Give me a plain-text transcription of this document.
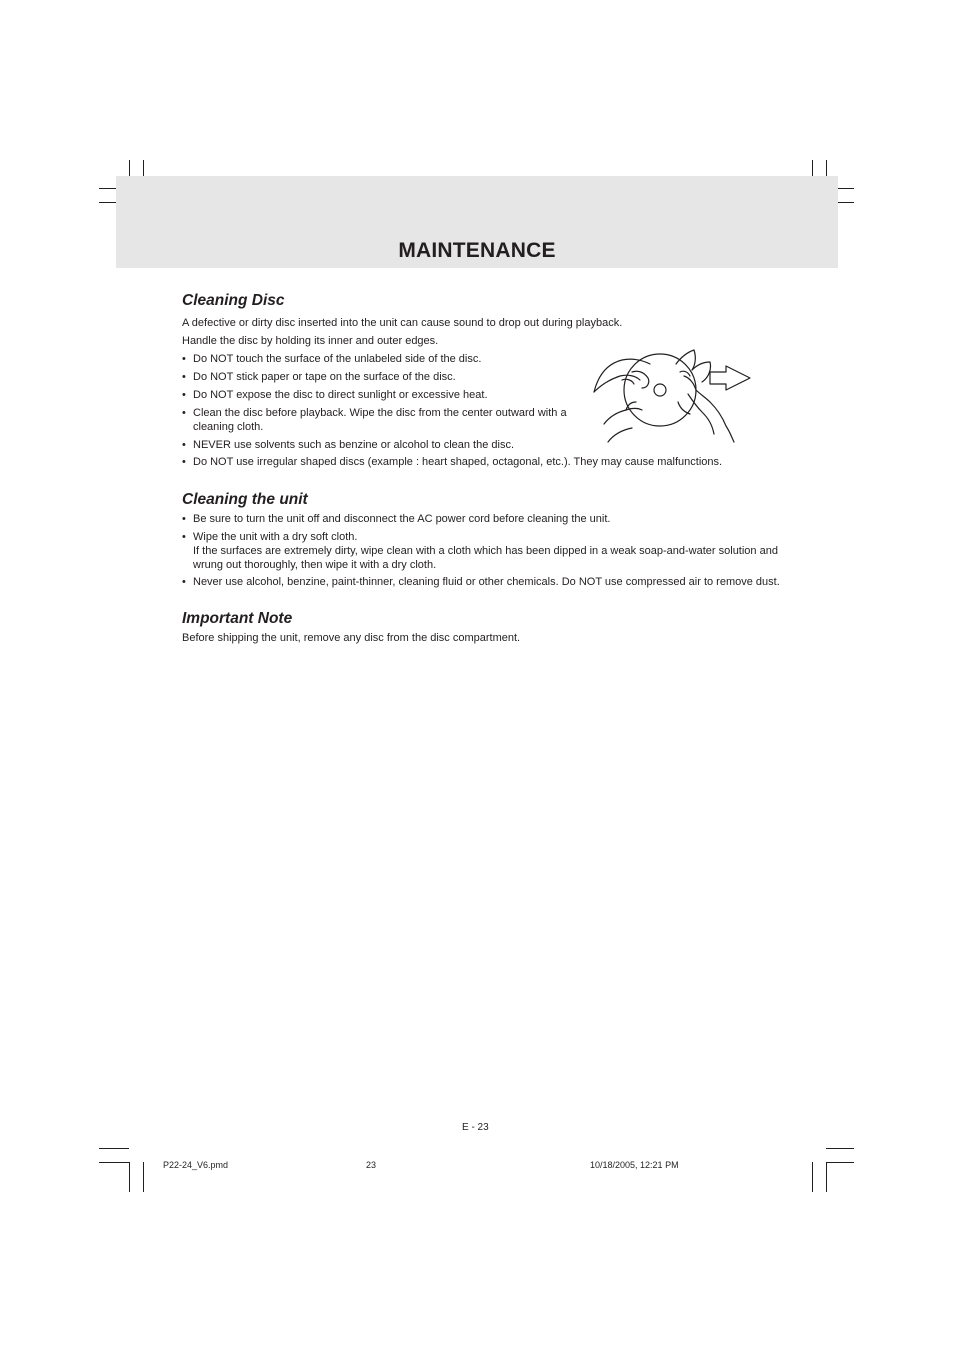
MAINTENANCE
Cleaning Disc

A defective or dirty disc inserted into the unit can cause sound to drop out during playback.

Handle the disc by holding its inner and outer edges.

• Do NOT touch the surface of the unlabeled side of the disc.
• Do NOT stick paper or tape on the surface of the disc.
• Do NOT expose the disc to direct sunlight or excessive heat.
• Clean the disc before playback. Wipe the disc from the center outward with a cleaning cloth.
• NEVER use solvents such as benzine or alcohol to clean the disc.
• Do NOT use irregular shaped discs (example : heart shaped, octagonal, etc.). They may cause malfunctions.
Cleaning the unit
• Be sure to turn the unit off and disconnect the AC power cord before cleaning the unit.
• Wipe the unit with a dry soft cloth.
If the surfaces are extremely dirty, wipe clean with a cloth which has been dipped in a weak soap-and-water solution and wrung out thoroughly, then wipe it with a dry cloth.
• Never use alcohol, benzine, paint-thinner, cleaning fluid or other chemicals. Do NOT use compressed air to remove dust.
Important Note

Before shipping the unit, remove any disc from the disc compartment.

E - 23
P22-24_V6.pmd	23	10/18/2005, 12:21 PM
